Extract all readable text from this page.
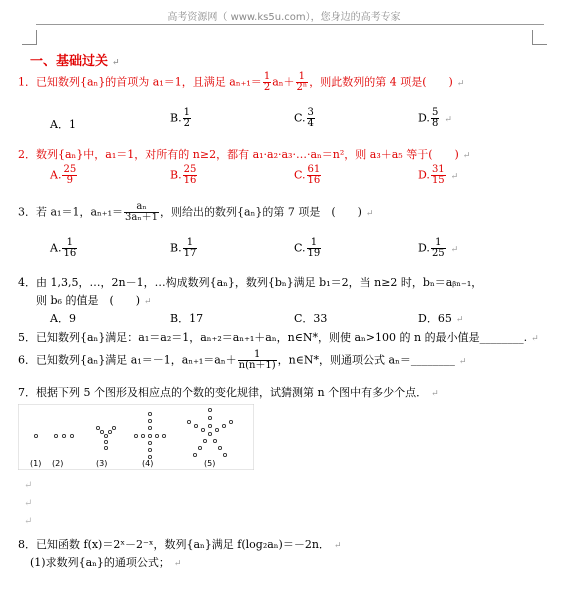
高考资源网（ www.ks5u.com），您身边的高考专家
一、基础过关 ↵
1．已知数列{aₙ}的首项为 a₁＝1，且满足 $a_{n+1}= \frac{1}{2} a_n+ \frac{1}{\text{2ⁿ}}$ ，则此数列的第 4 项是(　　) ↵
A．1	B. $\frac{1}{2}$	C. $\frac{3}{4}$	D. $\frac{5}{8}$ ↵
2．数列{aₙ}中，a₁＝1，对所有的 n≥2，都有 a₁·a₂·a₃·…·aₙ＝n²，则 a₃＋a₅ 等于(　　) ↵
A. $\frac{25}{9}$	B. $\frac{25}{16}$	C. $\frac{61}{16}$	D. $\frac{31}{15}$ ↵
3．若 a₁＝1，$a_{n+1}= \frac{\text{aₙ}}{\text{3aₙ＋1}}$ ，则给出的数列{aₙ}的第 7 项是　(　　) ↵
A. $\frac{1}{16}$	B. $\frac{1}{17}$	C. $\frac{1}{19}$	D. $\frac{1}{25}$ ↵
4．由 1,3,5，…，2n－1，…构成数列{aₙ}，数列{bₙ}满足 b₁＝2，当 n≥2 时，bₙ＝aᵦₙ₋₁，
则 b₆ 的值是　(　　) ↵
A．9	B．17	C．33	D．65 ↵
5．已知数列{aₙ}满足：a₁＝a₂＝1，aₙ₊₂＝aₙ₊₁＋aₙ，n∈N*，则使 aₙ>100 的 n 的最小值是________. ↵
6．已知数列{aₙ}满足 a₁＝－1，$a_{n+1}=a_n+ \frac{1}{n(n+1)}$ ，n∈N*，则通项公式 aₙ＝________ ↵
7．根据下列 5 个图形及相应点的个数的变化规律，试猜测第 n 个图中有多少个点． ↵
(1) (2)	(3)	(4)	(5)
↵
↵
↵
8．已知函数 f(x)＝2ˣ－2⁻ˣ，数列{aₙ}满足 f(log₂aₙ)＝－2n． ↵
(1)求数列{aₙ}的通项公式； ↵
